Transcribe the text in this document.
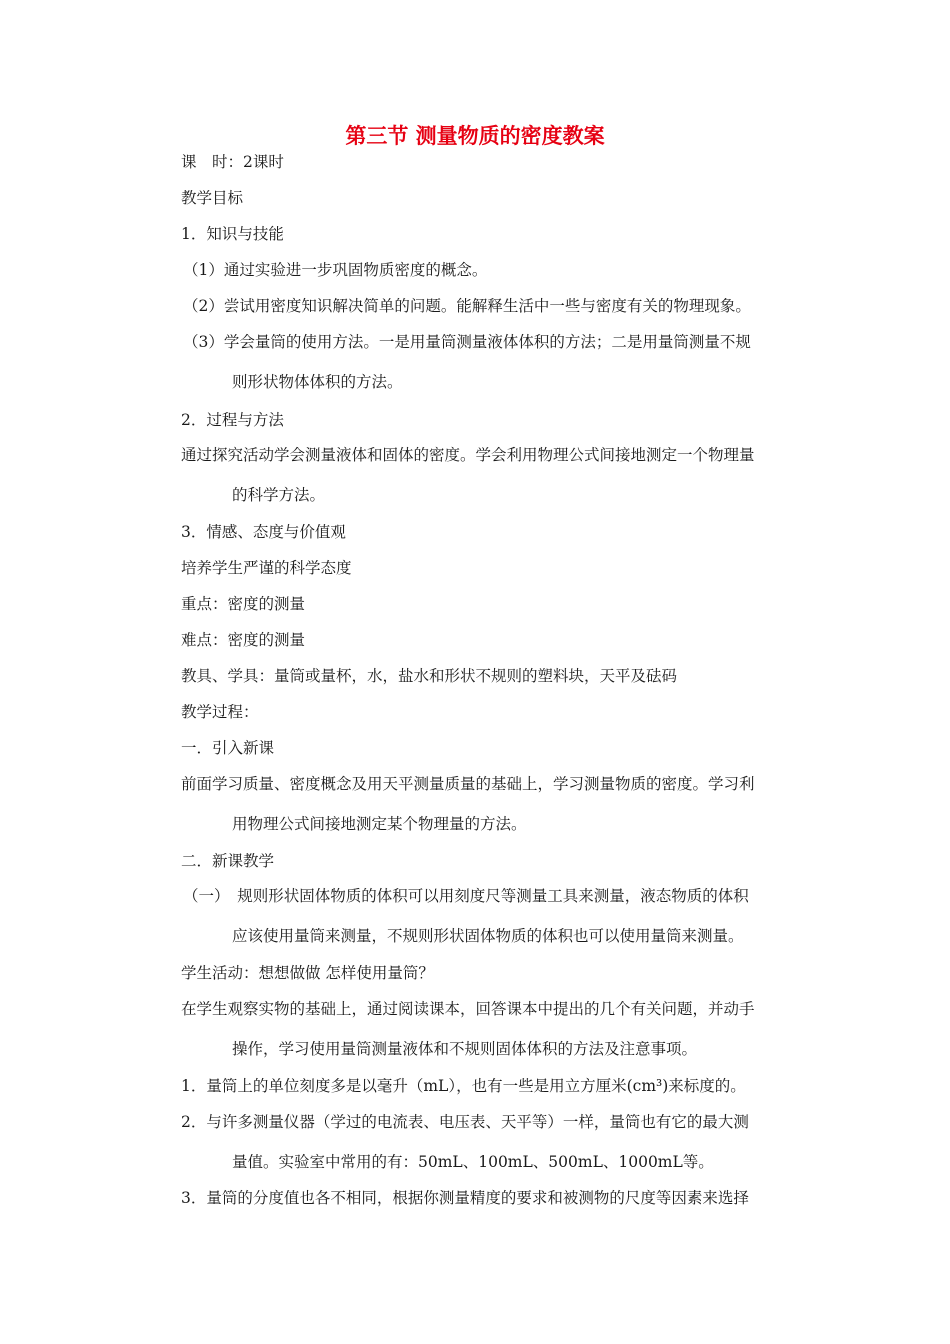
第三节 测量物质的密度教案
课　时：2课时
教学目标
1．知识与技能
（1）通过实验进一步巩固物质密度的概念。
（2）尝试用密度知识解决简单的问题。能解释生活中一些与密度有关的物理现象。
（3）学会量筒的使用方法。一是用量筒测量液体体积的方法；二是用量筒测量不规
则形状物体体积的方法。
2．过程与方法
通过探究活动学会测量液体和固体的密度。学会利用物理公式间接地测定一个物理量
的科学方法。
3．情感、态度与价值观
培养学生严谨的科学态度
重点：密度的测量
难点：密度的测量
教具、学具：量筒或量杯，水，盐水和形状不规则的塑料块，天平及砝码
教学过程：
一．引入新课
前面学习质量、密度概念及用天平测量质量的基础上，学习测量物质的密度。学习利
用物理公式间接地测定某个物理量的方法。
二．新课教学
（一）　规则形状固体物质的体积可以用刻度尺等测量工具来测量，液态物质的体积
应该使用量筒来测量，不规则形状固体物质的体积也可以使用量筒来测量。
学生活动：想想做做 怎样使用量筒？
在学生观察实物的基础上，通过阅读课本，回答课本中提出的几个有关问题，并动手
操作，学习使用量筒测量液体和不规则固体体积的方法及注意事项。
1．量筒上的单位刻度多是以毫升（mL），也有一些是用立方厘米(cm³)来标度的。
2．与许多测量仪器（学过的电流表、电压表、天平等）一样，量筒也有它的最大测
量值。实验室中常用的有：50mL、100mL、500mL、1000mL等。
3．量筒的分度值也各不相同，根据你测量精度的要求和被测物的尺度等因素来选择
